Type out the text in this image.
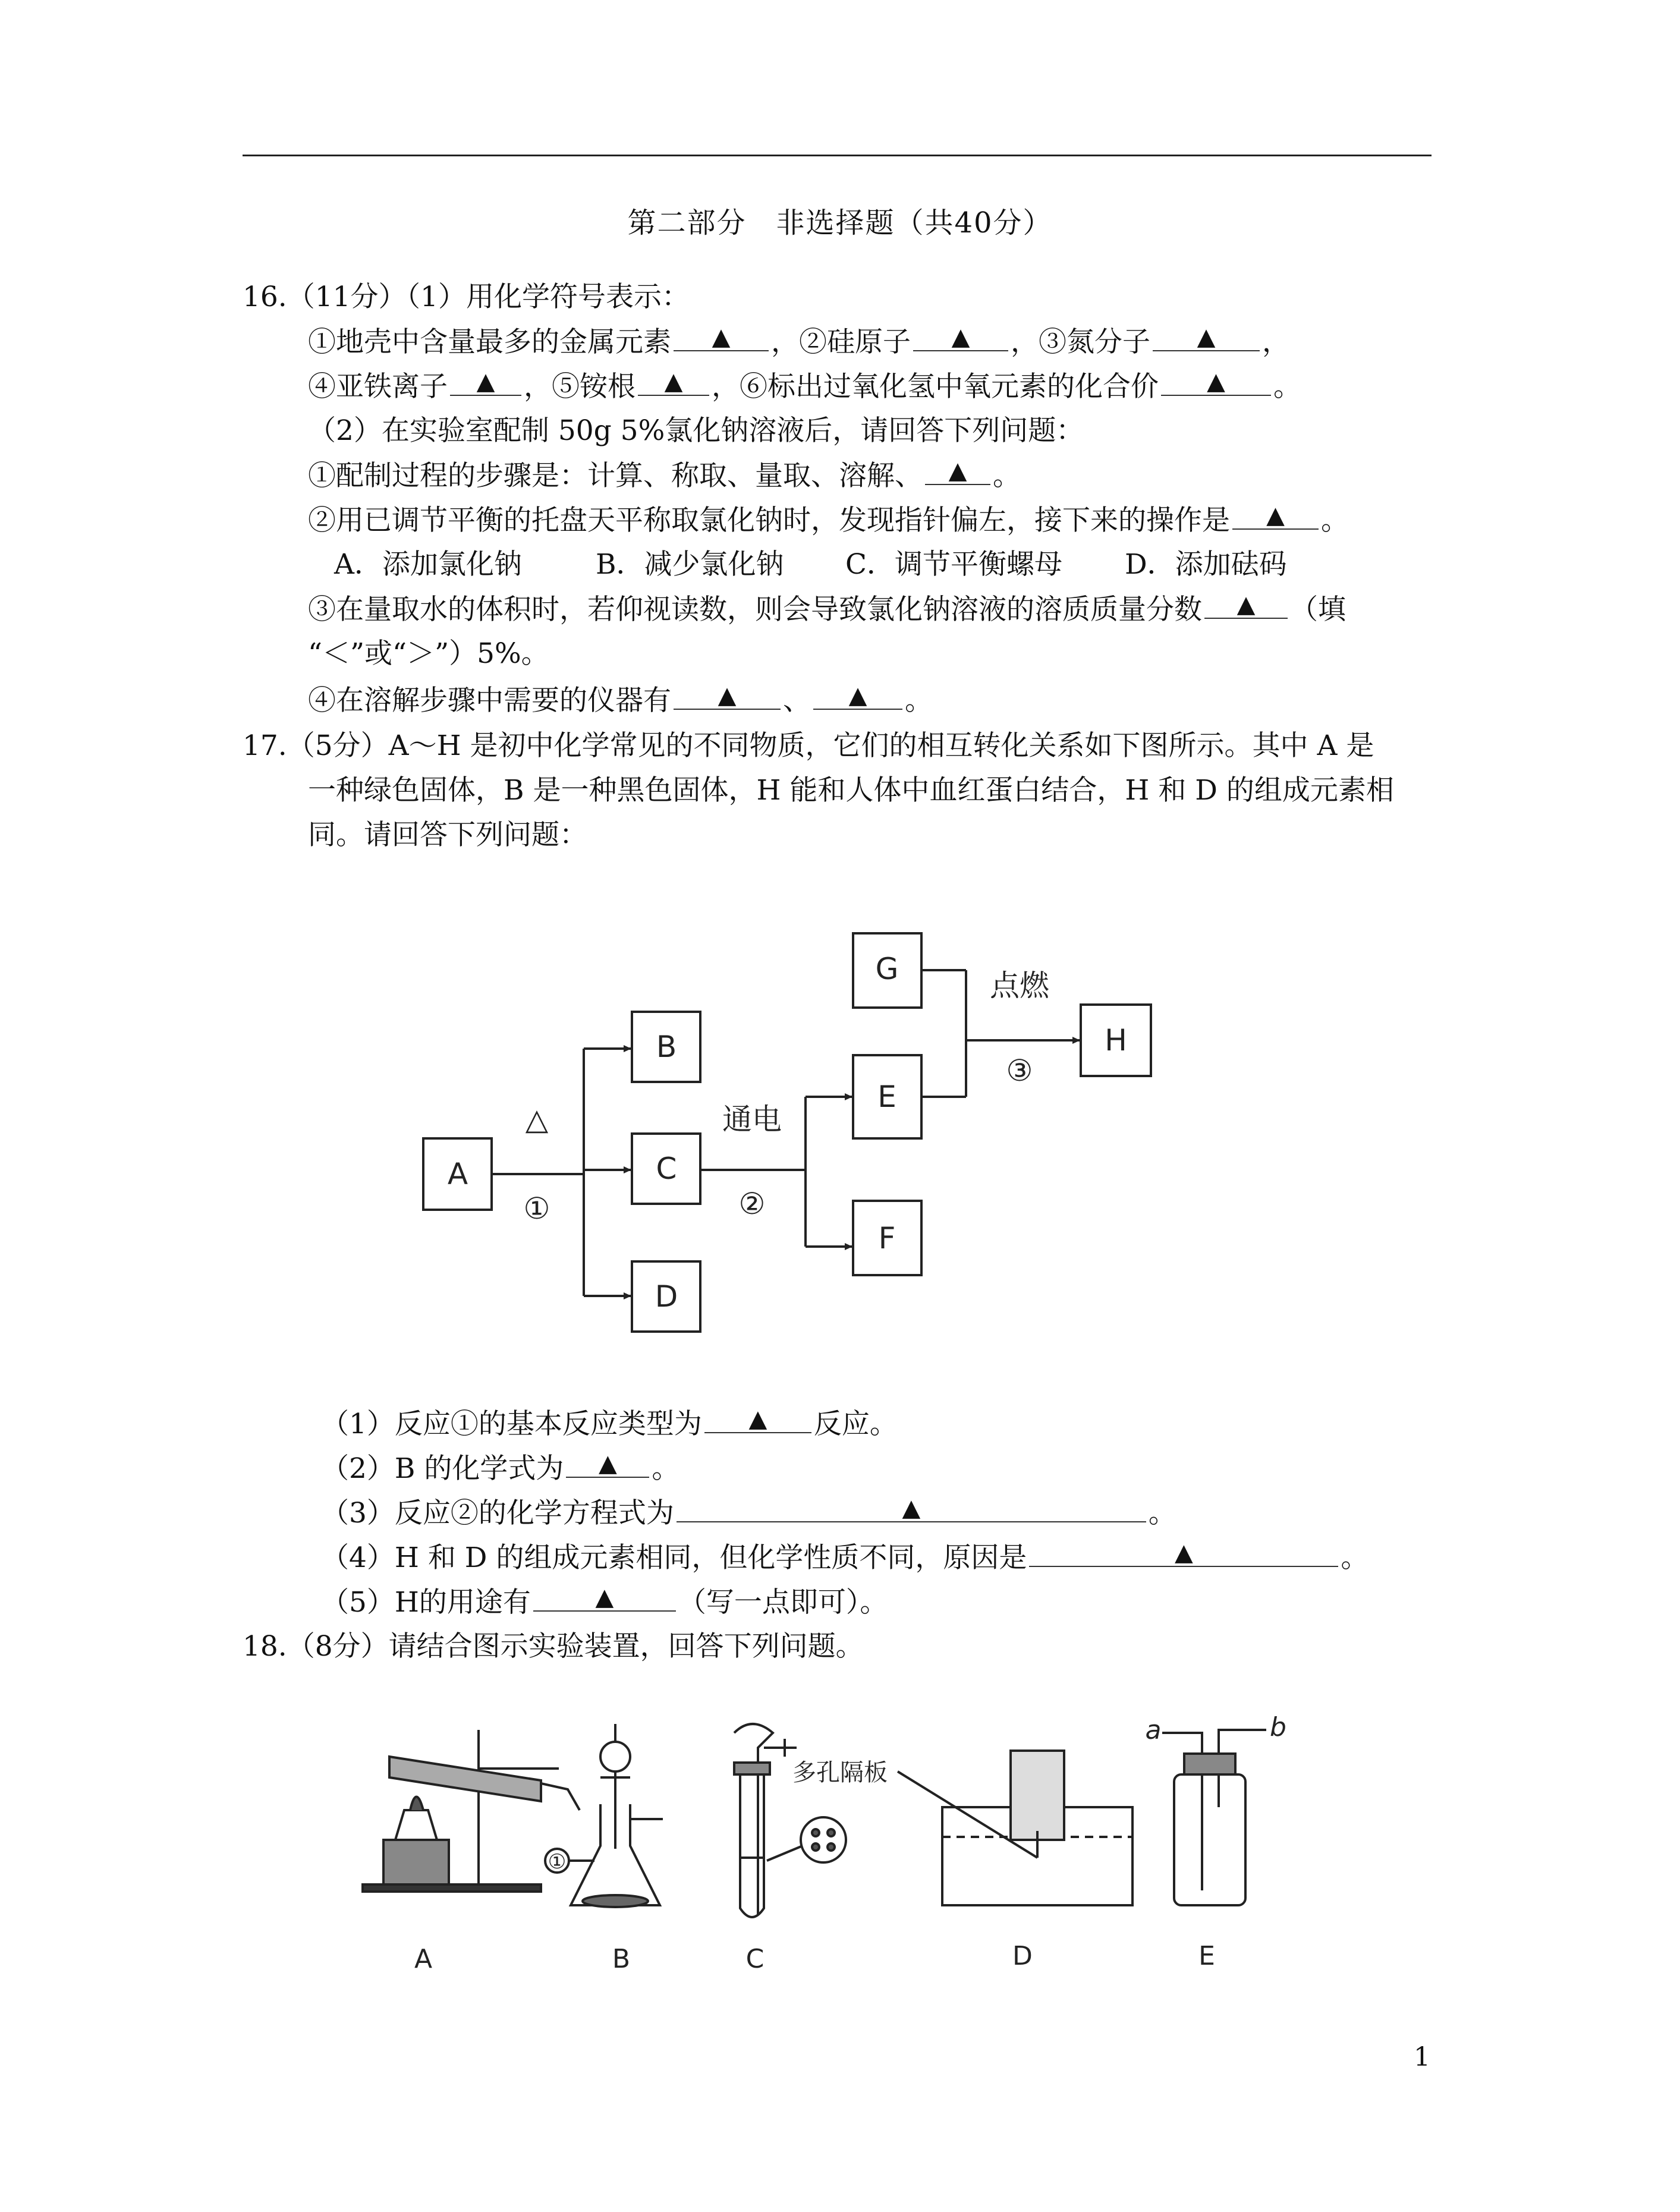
第二部分　非选择题（共40分）
16.（11分）（1）用化学符号表示：
①地壳中含量最多的金属元素 ▲ ，②硅原子 ▲ ，③氮分子 ▲ ，
④亚铁离子 ▲ ，⑤铵根 ▲ ，⑥标出过氧化氢中氧元素的化合价 ▲ 。
（2）在实验室配制 50g 5%氯化钠溶液后，请回答下列问题：
①配制过程的步骤是：计算、称取、量取、溶解、 ▲ 。
②用已调节平衡的托盘天平称取氯化钠时，发现指针偏左，接下来的操作是 ▲ 。
A．添加氯化钠	B．减少氯化钠 C．调节平衡螺母 D．添加砝码
③在量取水的体积时，若仰视读数，则会导致氯化钠溶液的溶质质量分数 ▲ （填
“＜”或“＞”）5%。
④在溶解步骤中需要的仪器有 ▲ 、 ▲ 。
17.（5分）A～H 是初中化学常见的不同物质，它们的相互转化关系如下图所示。其中 A 是
一种绿色固体，B 是一种黑色固体，H 能和人体中血红蛋白结合，H 和 D 的组成元素相
同。请回答下列问题：
A
B
C
D
E
F
G
H
△
①
通电
②
点燃
③
（1）反应①的基本反应类型为 ▲ 反应。
（2）B 的化学式为 ▲ 。
（3）反应②的化学方程式为	▲	。
（4）H 和 D 的组成元素相同，但化学性质不同，原因是	▲	。
（5）H的用途有	▲ （写一点即可）。
18.（8分）请结合图示实验装置，回答下列问题。
A	B	C	D	E
①
多孔隔板
a	b
1
